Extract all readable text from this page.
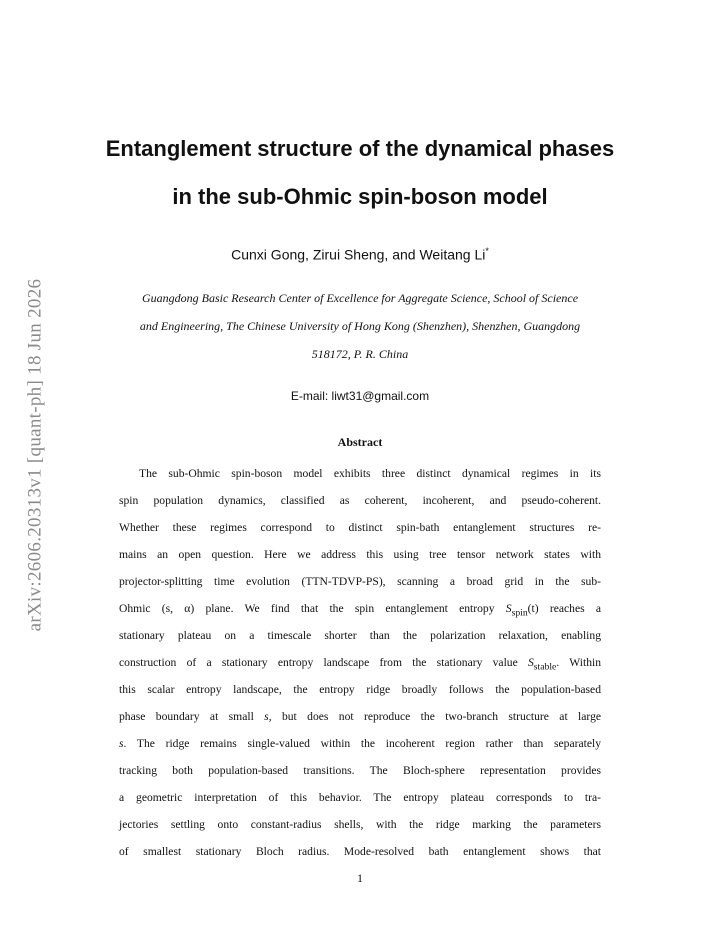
arXiv:2606.20313v1 [quant-ph] 18 Jun 2026
Entanglement structure of the dynamical phases
in the sub-Ohmic spin-boson model
Cunxi Gong, Zirui Sheng, and Weitang Li*
Guangdong Basic Research Center of Excellence for Aggregate Science, School of Science
and Engineering, The Chinese University of Hong Kong (Shenzhen), Shenzhen, Guangdong
518172, P. R. China
E-mail: liwt31@gmail.com
Abstract
The sub-Ohmic spin-boson model exhibits three distinct dynamical regimes in its
spin population dynamics, classified as coherent, incoherent, and pseudo-coherent.
Whether these regimes correspond to distinct spin-bath entanglement structures re-
mains an open question. Here we address this using tree tensor network states with
projector-splitting time evolution (TTN-TDVP-PS), scanning a broad grid in the sub-
Ohmic (s, α) plane. We find that the spin entanglement entropy $S_{spin}(t)$ reaches a
stationary plateau on a timescale shorter than the polarization relaxation, enabling
construction of a stationary entropy landscape from the stationary value $S_{stable}$. Within
this scalar entropy landscape, the entropy ridge broadly follows the population-based
phase boundary at small s, but does not reproduce the two-branch structure at large
s. The ridge remains single-valued within the incoherent region rather than separately
tracking both population-based transitions. The Bloch-sphere representation provides
a geometric interpretation of this behavior. The entropy plateau corresponds to tra-
jectories settling onto constant-radius shells, with the ridge marking the parameters
of smallest stationary Bloch radius. Mode-resolved bath entanglement shows that
1
